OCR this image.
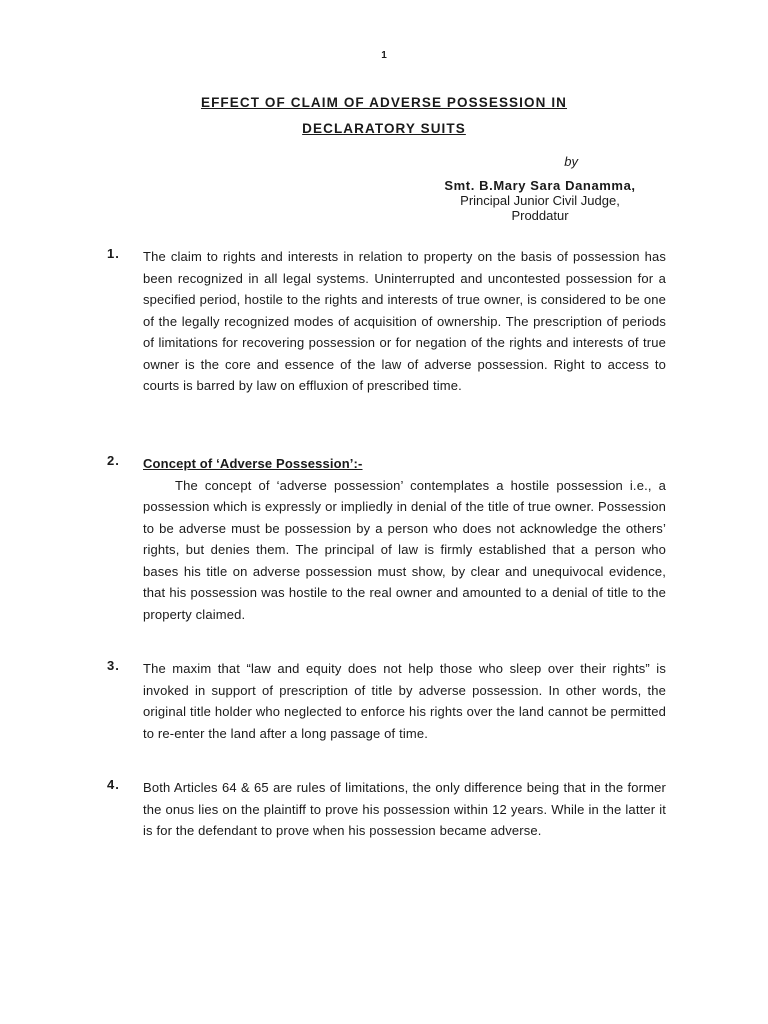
1
EFFECT OF CLAIM OF ADVERSE POSSESSION IN
DECLARATORY SUITS
by
Smt. B.Mary Sara Danamma,
Principal Junior Civil Judge,
Proddatur
1. The claim to rights and interests in relation to property on the basis of possession has been recognized in all legal systems. Uninterrupted and uncontested possession for a specified period, hostile to the rights and interests of true owner, is considered to be one of the legally recognized modes of acquisition of ownership. The prescription of periods of limitations for recovering possession or for negation of the rights and interests of true owner is the core and essence of the law of adverse possession. Right to access to courts is barred by law on effluxion of prescribed time.
2. Concept of ‘Adverse Possession’:-
The concept of ‘adverse possession’ contemplates a hostile possession i.e., a possession which is expressly or impliedly in denial of the title of true owner. Possession to be adverse must be possession by a person who does not acknowledge the others’ rights, but denies them. The principal of law is firmly established that a person who bases his title on adverse possession must show, by clear and unequivocal evidence, that his possession was hostile to the real owner and amounted to a denial of title to the property claimed.
3. The maxim that “law and equity does not help those who sleep over their rights” is invoked in support of prescription of title by adverse possession. In other words, the original title holder who neglected to enforce his rights over the land cannot be permitted to re-enter the land after a long passage of time.
4. Both Articles 64 & 65 are rules of limitations, the only difference being that in the former the onus lies on the plaintiff to prove his possession within 12 years. While in the latter it is for the defendant to prove when his possession became adverse.
